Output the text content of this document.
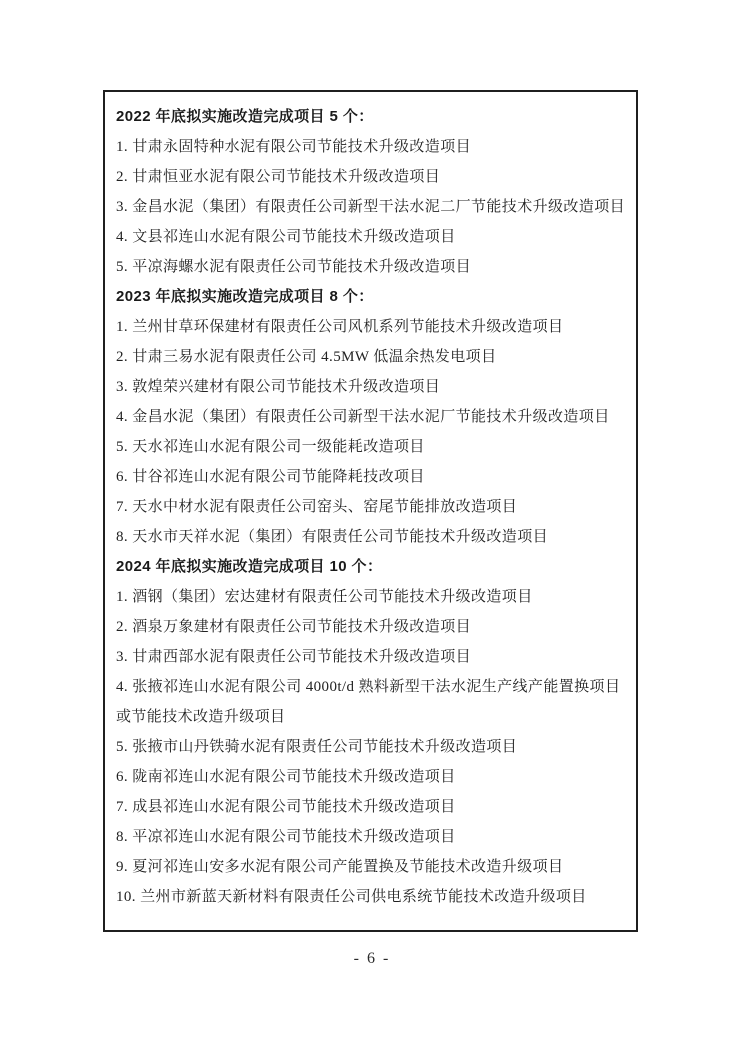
2022 年底拟实施改造完成项目 5 个：

1. 甘肃永固特种水泥有限公司节能技术升级改造项目

2. 甘肃恒亚水泥有限公司节能技术升级改造项目

3. 金昌水泥（集团）有限责任公司新型干法水泥二厂节能技术升级改造项目

4. 文县祁连山水泥有限公司节能技术升级改造项目

5. 平凉海螺水泥有限责任公司节能技术升级改造项目

2023 年底拟实施改造完成项目 8 个：

1. 兰州甘草环保建材有限责任公司风机系列节能技术升级改造项目

2. 甘肃三易水泥有限责任公司 4.5MW 低温余热发电项目

3. 敦煌荣兴建材有限公司节能技术升级改造项目

4. 金昌水泥（集团）有限责任公司新型干法水泥厂节能技术升级改造项目

5. 天水祁连山水泥有限公司一级能耗改造项目

6. 甘谷祁连山水泥有限公司节能降耗技改项目

7. 天水中材水泥有限责任公司窑头、窑尾节能排放改造项目

8. 天水市天祥水泥（集团）有限责任公司节能技术升级改造项目

2024 年底拟实施改造完成项目 10 个：

1. 酒钢（集团）宏达建材有限责任公司节能技术升级改造项目

2. 酒泉万象建材有限责任公司节能技术升级改造项目

3. 甘肃西部水泥有限责任公司节能技术升级改造项目

4. 张掖祁连山水泥有限公司 4000t/d 熟料新型干法水泥生产线产能置换项目或节能技术改造升级项目

5. 张掖市山丹铁骑水泥有限责任公司节能技术升级改造项目

6. 陇南祁连山水泥有限公司节能技术升级改造项目

7. 成县祁连山水泥有限公司节能技术升级改造项目

8. 平凉祁连山水泥有限公司节能技术升级改造项目

9. 夏河祁连山安多水泥有限公司产能置换及节能技术改造升级项目

10. 兰州市新蓝天新材料有限责任公司供电系统节能技术改造升级项目

- 6 -
